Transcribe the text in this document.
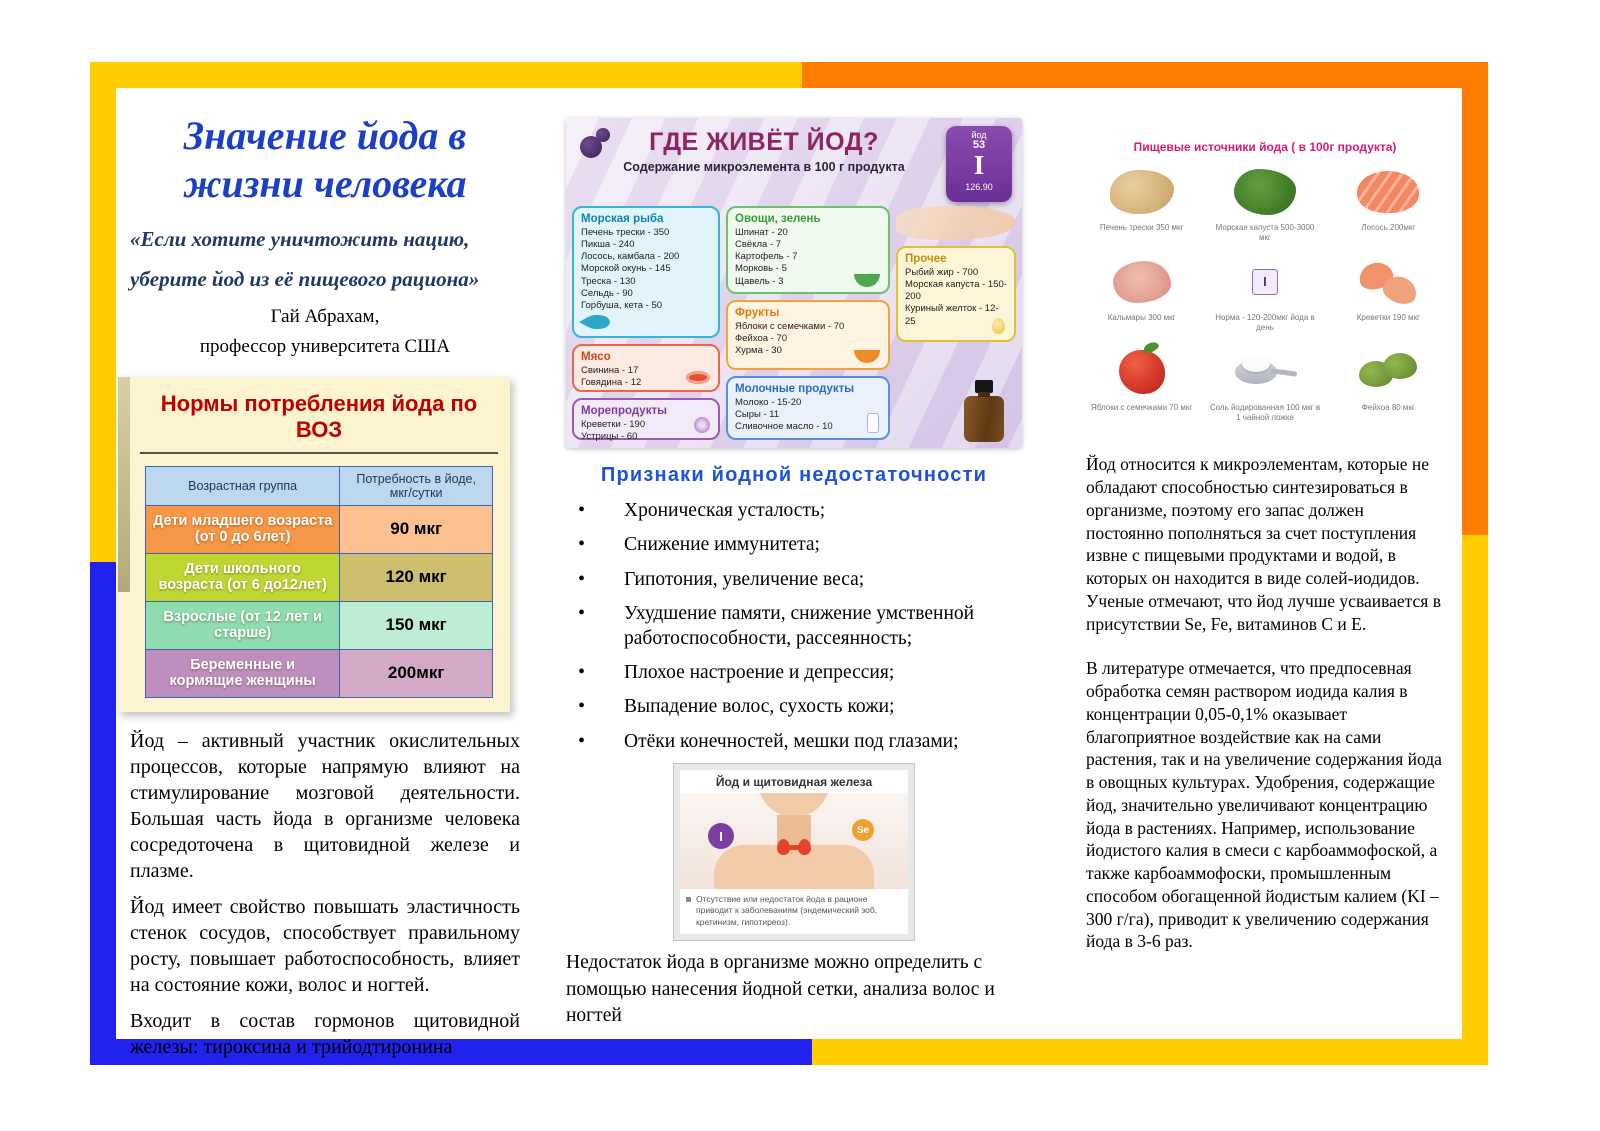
Значение йода в жизни человека
«Если хотите уничтожить нацию,
уберите йод из её пищевого рациона»
Гай Абрахам,
профессор университета США
Нормы потребления йода по ВОЗ
Возрастная группа	Потребность в йоде, мкг/сутки
Дети младшего возраста (от 0 до 6лет)	90 мкг
Дети школьного возраста (от 6 до12лет)	120 мкг
Взрослые (от 12 лет и старше)	150 мкг
Беременные и кормящие женщины	200мкг

Йод – активный участник окислительных процессов, которые напрямую влияют на стимулирование мозговой деятельности. Большая часть йода в организме человека сосредоточена в щитовидной железе и плазме.

Йод имеет свойство повышать эластичность стенок сосудов, способствует правильному росту, повышает работоспособность, влияет на состояние кожи, волос и ногтей.

Входит в состав гормонов щитовидной железы: тироксина и трийодтиронина

ГДЕ ЖИВЁТ ЙОД?
Содержание микроэлемента в 100 г продукта
йод
53
I
126.90
Морская рыба
Печень трески - 350
Пикша - 240
Лосось, камбала - 200
Морской окунь - 145
Треска - 130
Сельдь - 90
Горбуша, кета - 50
Мясо
Свинина - 17
Говядина - 12
Морепродукты
Креветки - 190
Устрицы - 60
Овощи, зелень
Шпинат - 20
Свёкла - 7
Картофель - 7
Морковь - 5
Щавель - 3
Фрукты
Яблоки с семечками - 70
Фейхоа - 70
Хурма - 30
Молочные продукты
Молоко - 15-20
Сыры - 11
Сливочное масло - 10
Прочее
Рыбий жир - 700
Морская капуста - 150-200
Куриный желток - 12-25
Признаки йодной недостаточности
• Хроническая усталость;
• Снижение иммунитета;
• Гипотония, увеличение веса;
• Ухудшение памяти, снижение умственной работоспособности, рассеянность;
• Плохое настроение и депрессия;
• Выпадение волос, сухость кожи;
• Отёки конечностей, мешки под глазами;
Йод и щитовидная железа
I	Se
Отсутствие или недостаток йода в рационе приводит к заболеваниям (эндемический зоб, кретинизм, гипотиреоз).

Недостаток йода в организме можно определить с помощью нанесения йодной сетки, анализа волос и ногтей

Пищевые источники йода ( в 100г продукта)
Печень трески 350 мкг	Морская капуста 500-3000 мкг
Лосось 200мкг
Кальмары 300 мкг
I
Норма - 120-200мкг йода в день
Креветки 190 мкг
Яблоки с семечками 70 мкг	Соль йодированная 100 мкг в 1 чайной ложке
Фейхоа 80 мкг

Йод относится к микроэлементам, которые не обладают способностью синтезироваться в организме, поэтому его запас должен постоянно пополняться за счет поступления извне с пищевыми продуктами и водой, в которых он находится в виде солей-иодидов. Ученые отмечают, что йод лучше усваивается в присутствии Se, Fe, витаминов С и Е.

В литературе отмечается, что предпосевная обработка семян раствором иодида калия в концентрации 0,05-0,1% оказывает благоприятное воздействие как на сами растения, так и на увеличение содержания йода в овощных культурах. Удобрения, содержащие йод, значительно увеличивают концентрацию йода в растениях. Например, использование йодистого калия в смеси с карбоаммофоской, а также карбоаммофоски, промышленным способом обогащенной йодистым калием (KI – 300 г/га), приводит к увеличению содержания йода в 3-6 раз.
